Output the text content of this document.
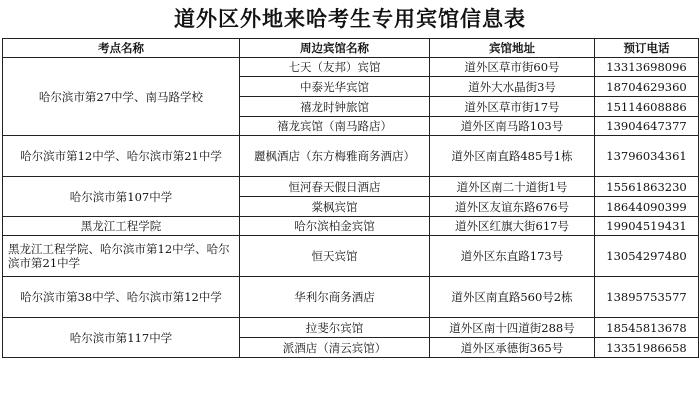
道外区外地来哈考生专用宾馆信息表
考点名称	周边宾馆名称	宾馆地址	预订电话
哈尔滨市第27中学、南马路学校	七天（友邦）宾馆	道外区草市街60号	13313698096
	中泰光华宾馆	道外大水晶街3号	18704629360
	禧龙时钟旅馆	道外区草市街17号	15114608886
	禧龙宾馆（南马路店）	道外区南马路103号	13904647377
哈尔滨市第12中学、哈尔滨市第21中学	麗枫酒店（东方梅雅商务酒店）	道外区南直路485号1栋	13796034361
哈尔滨市第107中学	恒河春天假日酒店	道外区南二十道街1号	15561863230
	棠枫宾馆	道外区友谊东路676号	18644090399
黑龙江工程学院	哈尔滨柏金宾馆	道外区红旗大街617号	19904519431
黑龙江工程学院、哈尔滨市第12中学、哈尔滨市第21中学	恒天宾馆	道外区东直路173号	13054297480
哈尔滨市第38中学、哈尔滨市第12中学	华利尔商务酒店	道外区南直路560号2栋	13895753577
哈尔滨市第117中学	拉斐尔宾馆	道外区南十四道街288号	18545813678
	派酒店（清云宾馆）	道外区承德街365号	13351986658
